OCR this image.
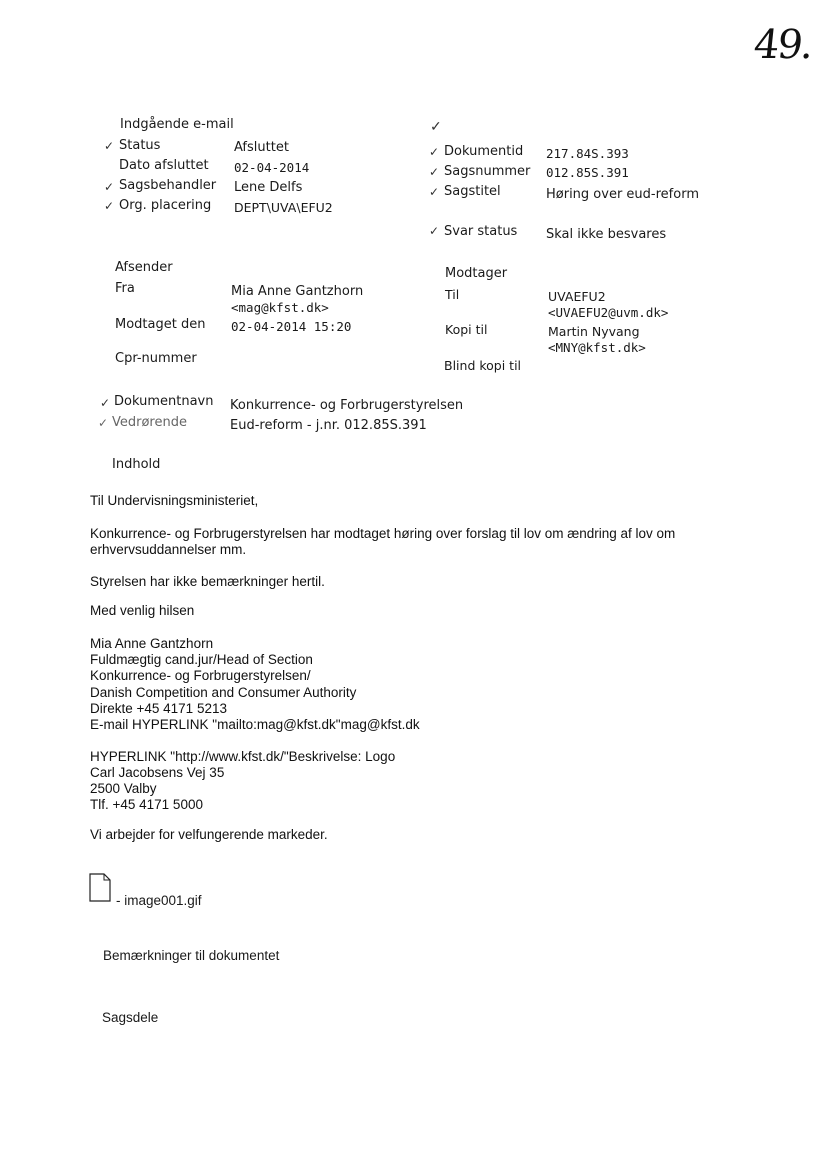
49.
Indgående e-mail	✓
✓ Status	Afsluttet
Dato afsluttet 02-04-2014
✓ Sagsbehandler Lene Delfs
✓ Org. placering DEPT\UVA\EFU2
✓ Dokumentid 217.84S.393
✓ Sagsnummer 012.85S.391
✓ Sagstitel	Høring over eud-reform
✓ Svar status Skal ikke besvares
Afsender
Fra	Mia Anne Gantzhorn
<mag@kfst.dk>
Modtaget den 02-04-2014 15:20
Cpr-nummer
Modtager
Til	UVAEFU2
<UVAEFU2@uvm.dk>
Kopi til	Martin Nyvang
<MNY@kfst.dk>
Blind kopi til
✓ Dokumentnavn Konkurrence- og Forbrugerstyrelsen
✓ Vedrørende	Eud-reform - j.nr. 012.85S.391
Indhold
Til Undervisningsministeriet,
Konkurrence- og Forbrugerstyrelsen har modtaget høring over forslag til lov om ændring af lov om
erhvervsuddannelser mm.
Styrelsen har ikke bemærkninger hertil.
Med venlig hilsen
Mia Anne Gantzhorn
Fuldmægtig cand.jur/Head of Section
Konkurrence- og Forbrugerstyrelsen/
Danish Competition and Consumer Authority
Direkte +45 4171 5213
E-mail HYPERLINK "mailto:mag@kfst.dk"mag@kfst.dk
HYPERLINK "http://www.kfst.dk/"Beskrivelse: Logo
Carl Jacobsens Vej 35
2500 Valby
Tlf. +45 4171 5000
Vi arbejder for velfungerende markeder.
- image001.gif
Bemærkninger til dokumentet
Sagsdele
